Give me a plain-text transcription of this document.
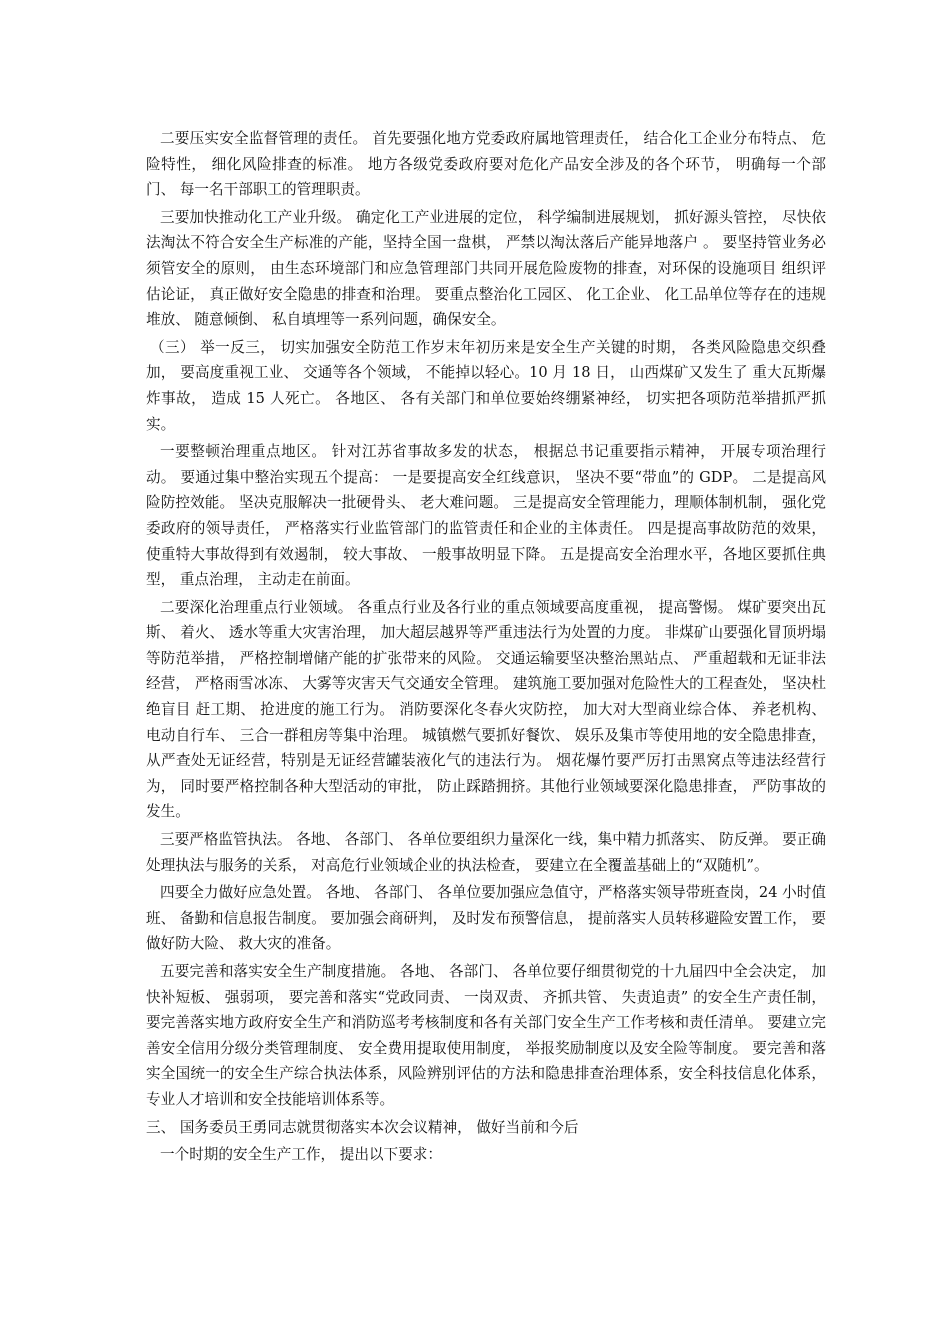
二要压实安全监督管理的责任。 首先要强化地方党委政府属地管理责任， 结合化工企业分布特点、 危险特性， 细化风险排查的标准。 地方各级党委政府要对危化产品安全涉及的各个环节， 明确每一个部门、 每一名干部职工的管理职责。

三要加快推动化工产业升级。 确定化工产业进展的定位， 科学编制进展规划， 抓好源头管控， 尽快依法淘汰不符合安全生产标准的产能，坚持全国一盘棋， 严禁以淘汰落后产能异地落户 。 要坚持管业务必须管安全的原则， 由生态环境部门和应急管理部门共同开展危险废物的排查，对环保的设施项目 组织评估论证， 真正做好安全隐患的排查和治理。 要重点整治化工园区、 化工企业、 化工品单位等存在的违规堆放、 随意倾倒、 私自填埋等一系列问题，确保安全。

（三） 举一反三， 切实加强安全防范工作岁末年初历来是安全生产关键的时期， 各类风险隐患交织叠加， 要高度重视工业、 交通等各个领域， 不能掉以轻心。10 月 18 日， 山西煤矿又发生了 重大瓦斯爆炸事故， 造成 15 人死亡。 各地区、 各有关部门和单位要始终绷紧神经， 切实把各项防范举措抓严抓实。

一要整顿治理重点地区。 针对江苏省事故多发的状态， 根据总书记重要指示精神， 开展专项治理行动。 要通过集中整治实现五个提高： 一是要提高安全红线意识， 坚决不要“带血”的 GDP。 二是提高风险防控效能。 坚决克服解决一批硬骨头、 老大难问题。 三是提高安全管理能力，理顺体制机制， 强化党委政府的领导责任， 严格落实行业监管部门的监管责任和企业的主体责任。 四是提高事故防范的效果， 使重特大事故得到有效遏制， 较大事故、 一般事故明显下降。 五是提高安全治理水平，各地区要抓住典型， 重点治理， 主动走在前面。

二要深化治理重点行业领域。 各重点行业及各行业的重点领域要高度重视， 提高警惕。 煤矿要突出瓦斯、 着火、 透水等重大灾害治理， 加大超层越界等严重违法行为处置的力度。 非煤矿山要强化冒顶坍塌等防范举措， 严格控制增储产能的扩张带来的风险。 交通运输要坚决整治黑站点、 严重超载和无证非法经营， 严格雨雪冰冻、 大雾等灾害天气交通安全管理。 建筑施工要加强对危险性大的工程查处， 坚决杜绝盲目 赶工期、 抢进度的施工行为。 消防要深化冬春火灾防控， 加大对大型商业综合体、 养老机构、 电动自行车、 三合一群租房等集中治理。 城镇燃气要抓好餐饮、 娱乐及集市等使用地的安全隐患排查， 从严查处无证经营，特别是无证经营罐装液化气的违法行为。 烟花爆竹要严厉打击黑窝点等违法经营行为， 同时要严格控制各种大型活动的审批， 防止踩踏拥挤。其他行业领域要深化隐患排查， 严防事故的发生。

三要严格监管执法。 各地、 各部门、 各单位要组织力量深化一线，集中精力抓落实、 防反弹。 要正确处理执法与服务的关系， 对高危行业领域企业的执法检查， 要建立在全覆盖基础上的“双随机”。

四要全力做好应急处置。 各地、 各部门、 各单位要加强应急值守，严格落实领导带班查岗，24 小时值班、 备勤和信息报告制度。 要加强会商研判， 及时发布预警信息， 提前落实人员转移避险安置工作， 要做好防大险、 救大灾的准备。

五要完善和落实安全生产制度措施。 各地、 各部门、 各单位要仔细贯彻党的十九届四中全会决定， 加快补短板、 强弱项， 要完善和落实“党政同责、 一岗双责、 齐抓共管、 失责追责” 的安全生产责任制， 要完善落实地方政府安全生产和消防巡考考核制度和各有关部门安全生产工作考核和责任清单。 要建立完善安全信用分级分类管理制度、 安全费用提取使用制度， 举报奖励制度以及安全险等制度。 要完善和落实全国统一的安全生产综合执法体系，风险辨别评估的方法和隐患排查治理体系，安全科技信息化体系， 专业人才培训和安全技能培训体系等。

三、 国务委员王勇同志就贯彻落实本次会议精神， 做好当前和今后

一个时期的安全生产工作， 提出以下要求：
